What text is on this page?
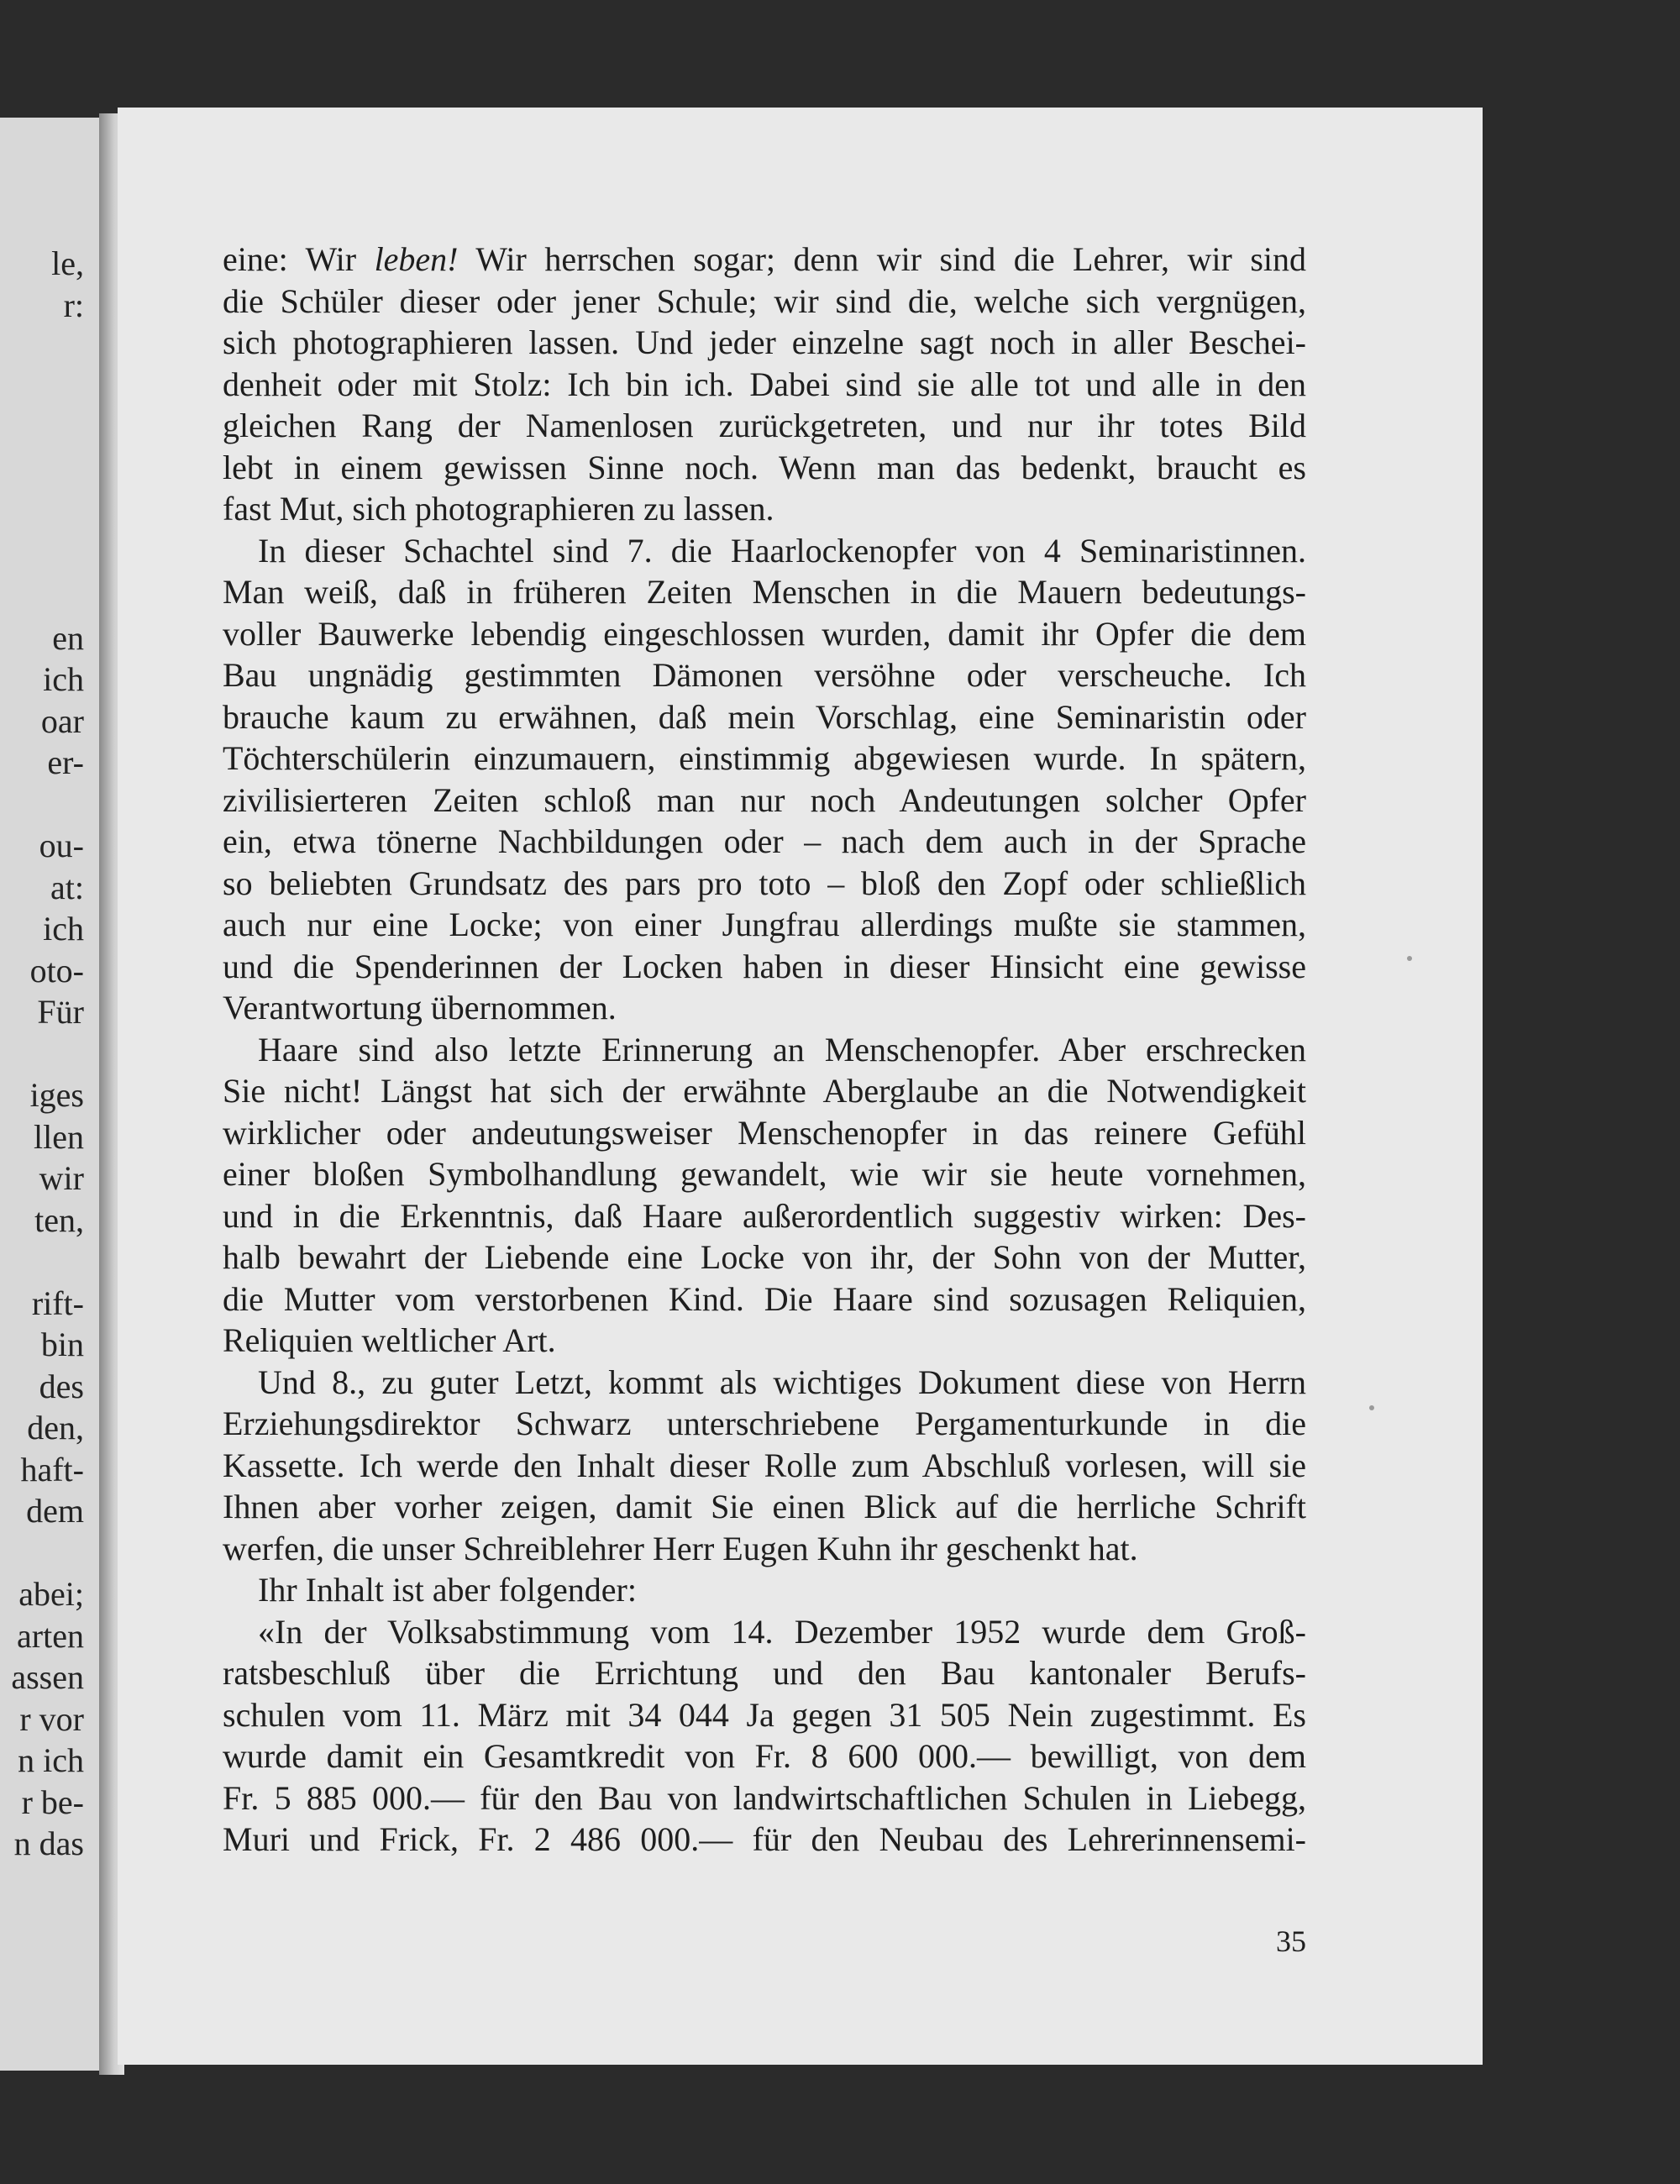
le,
r:
en
ich
oar
er-
ou-
at:
ich
oto-
Für
iges
llen
wir
ten,
rift-
bin
des
den,
haft-
dem
abei;
arten
assen
r vor
n ich
r be-
n das
eine: Wir leben! Wir herrschen sogar; denn wir sind die Lehrer, wir sind
die Schüler dieser oder jener Schule; wir sind die, welche sich vergnügen,
sich photographieren lassen. Und jeder einzelne sagt noch in aller Beschei-
denheit oder mit Stolz: Ich bin ich. Dabei sind sie alle tot und alle in den
gleichen Rang der Namenlosen zurückgetreten, und nur ihr totes Bild
lebt in einem gewissen Sinne noch. Wenn man das bedenkt, braucht es
fast Mut, sich photographieren zu lassen.
In dieser Schachtel sind 7. die Haarlockenopfer von 4 Seminaristinnen.
Man weiß, daß in früheren Zeiten Menschen in die Mauern bedeutungs-
voller Bauwerke lebendig eingeschlossen wurden, damit ihr Opfer die dem
Bau ungnädig gestimmten Dämonen versöhne oder verscheuche. Ich
brauche kaum zu erwähnen, daß mein Vorschlag, eine Seminaristin oder
Töchterschülerin einzumauern, einstimmig abgewiesen wurde. In spätern,
zivilisierteren Zeiten schloß man nur noch Andeutungen solcher Opfer
ein, etwa tönerne Nachbildungen oder – nach dem auch in der Sprache
so beliebten Grundsatz des pars pro toto – bloß den Zopf oder schließlich
auch nur eine Locke; von einer Jungfrau allerdings mußte sie stammen,
und die Spenderinnen der Locken haben in dieser Hinsicht eine gewisse
Verantwortung übernommen.
Haare sind also letzte Erinnerung an Menschenopfer. Aber erschrecken
Sie nicht! Längst hat sich der erwähnte Aberglaube an die Notwendigkeit
wirklicher oder andeutungsweiser Menschenopfer in das reinere Gefühl
einer bloßen Symbolhandlung gewandelt, wie wir sie heute vornehmen,
und in die Erkenntnis, daß Haare außerordentlich suggestiv wirken: Des-
halb bewahrt der Liebende eine Locke von ihr, der Sohn von der Mutter,
die Mutter vom verstorbenen Kind. Die Haare sind sozusagen Reliquien,
Reliquien weltlicher Art.
Und 8., zu guter Letzt, kommt als wichtiges Dokument diese von Herrn
Erziehungsdirektor Schwarz unterschriebene Pergamenturkunde in die
Kassette. Ich werde den Inhalt dieser Rolle zum Abschluß vorlesen, will sie
Ihnen aber vorher zeigen, damit Sie einen Blick auf die herrliche Schrift
werfen, die unser Schreiblehrer Herr Eugen Kuhn ihr geschenkt hat.
Ihr Inhalt ist aber folgender:
«In der Volksabstimmung vom 14. Dezember 1952 wurde dem Groß-
ratsbeschluß über die Errichtung und den Bau kantonaler Berufs-
schulen vom 11. März mit 34 044 Ja gegen 31 505 Nein zugestimmt. Es
wurde damit ein Gesamtkredit von Fr. 8 600 000.— bewilligt, von dem
Fr. 5 885 000.— für den Bau von landwirtschaftlichen Schulen in Liebegg,
Muri und Frick, Fr. 2 486 000.— für den Neubau des Lehrerinnensemi-
35
